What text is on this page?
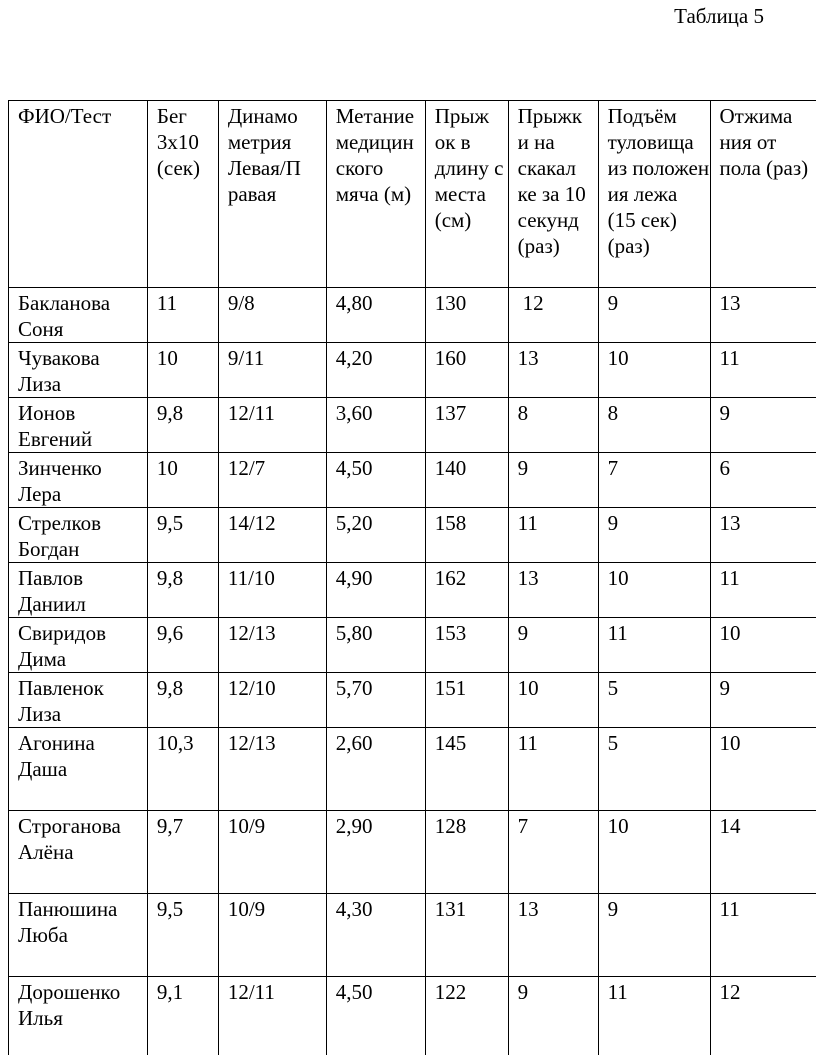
Таблица 5
ФИО/Тест	Бег 3х10 (сек)	Динамо метрия Левая/П равая	Метание медицин ского мяча (м)	Прыж ок в длину с места (см)	Прыжк и на скакал ке за 10 секунд (раз)	Подъём туловища из положен ия лежа (15 сек) (раз)	Отжима ния от пола (раз)
Бакланова Соня	11	9/8	4,80	130	12	9	13
Чувакова Лиза	10	9/11	4,20	160	13	10	11
Ионов Евгений	9,8	12/11	3,60	137	8	8	9
Зинченко Лера	10	12/7	4,50	140	9	7	6
Стрелков Богдан	9,5	14/12	5,20	158	11	9	13
Павлов Даниил	9,8	11/10	4,90	162	13	10	11
Свиридов Дима	9,6	12/13	5,80	153	9	11	10
Павленок Лиза	9,8	12/10	5,70	151	10	5	9
Агонина Даша	10,3	12/13	2,60	145	11	5	10
Строганова Алёна	9,7	10/9	2,90	128	7	10	14
Панюшина Люба	9,5	10/9	4,30	131	13	9	11
Дорошенко Илья	9,1	12/11	4,50	122	9	11	12
